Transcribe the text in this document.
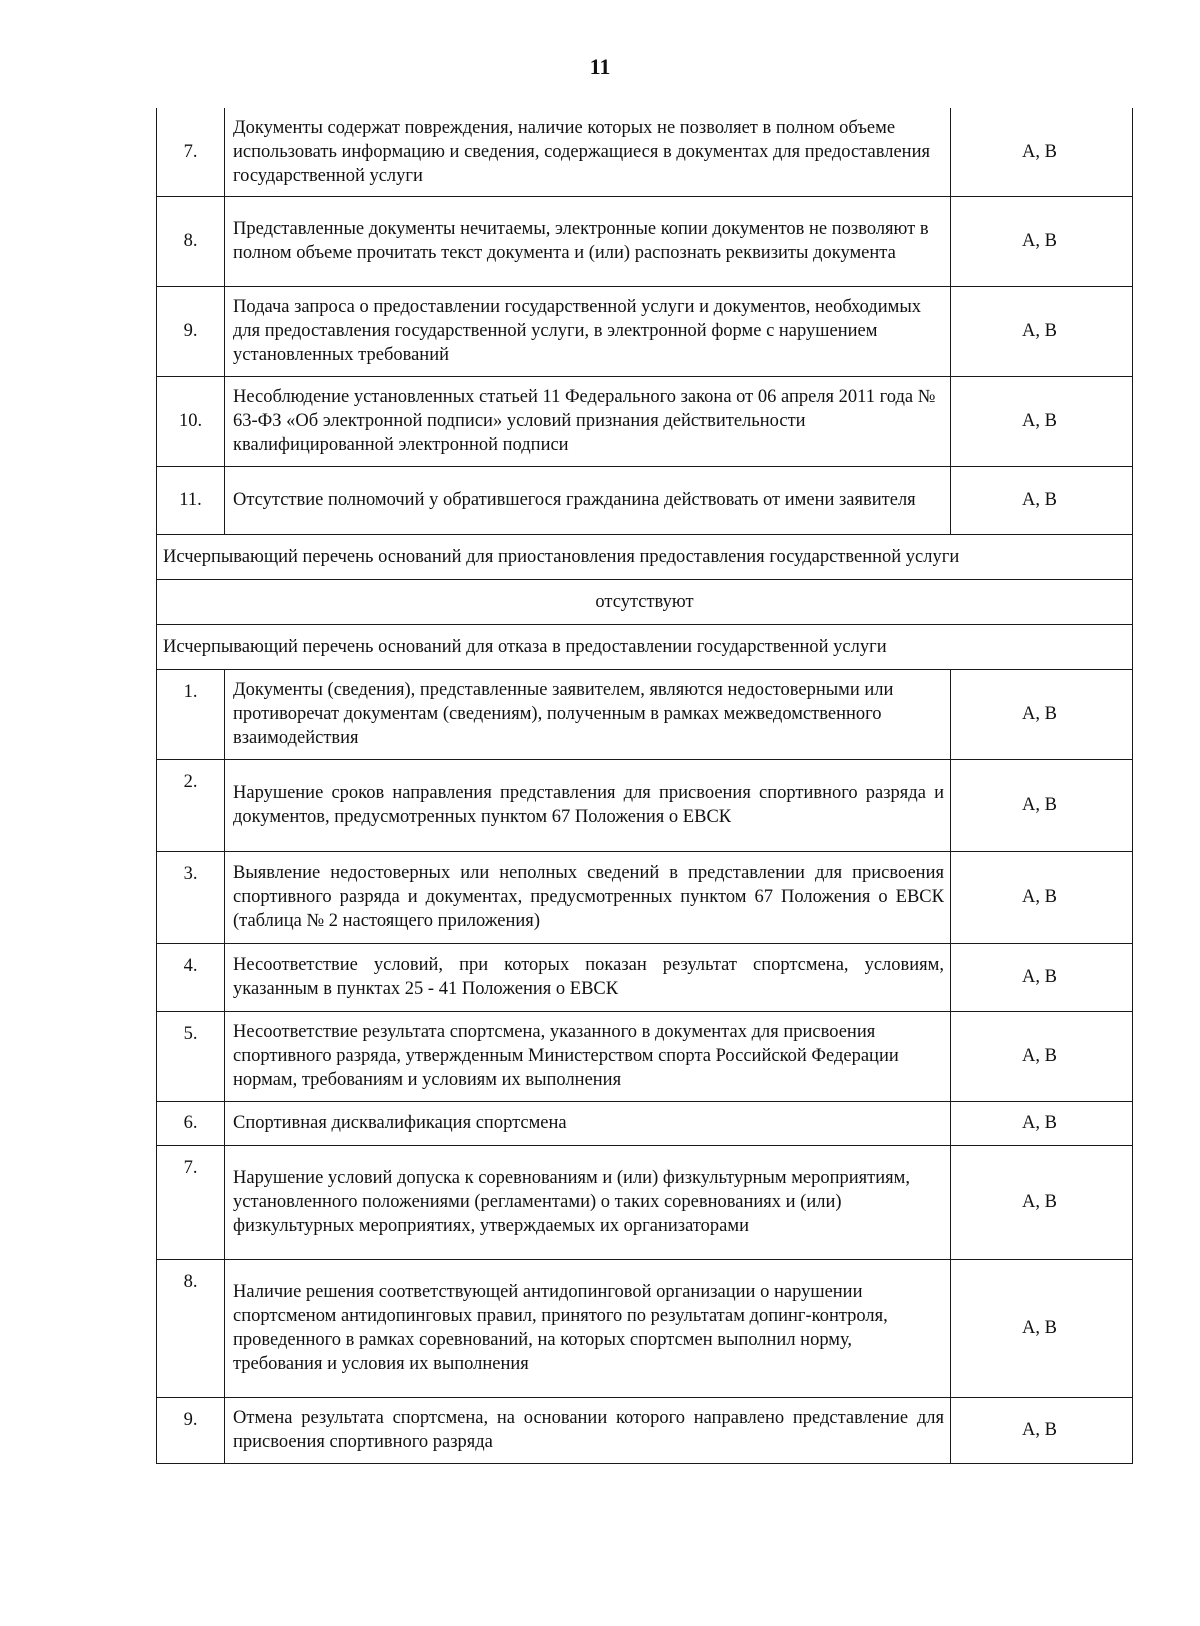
11
7.	Документы содержат повреждения, наличие которых не позволяет в полном объеме использовать информацию и сведения, содержащиеся в документах для предоставления государственной услуги	А, В
8.	Представленные документы нечитаемы, электронные копии документов не позволяют в полном объеме прочитать текст документа и (или) распознать реквизиты документа	А, В
9.	Подача запроса о предоставлении государственной услуги и документов, необходимых для предоставления государственной услуги, в электронной форме с нарушением установленных требований	А, В
10.	Несоблюдение установленных статьей 11 Федерального закона от 06 апреля 2011 года № 63-ФЗ «Об электронной подписи» условий признания действительности квалифицированной электронной подписи	А, В
11.	Отсутствие полномочий у обратившегося гражданина действовать от имени заявителя	А, В
Исчерпывающий перечень оснований для приостановления предоставления государственной услуги		
отсутствуют		
Исчерпывающий перечень оснований для отказа в предоставлении государственной услуги		
1.	Документы (сведения), представленные заявителем, являются недостоверными или противоречат документам (сведениям), полученным в рамках межведомственного взаимодействия	А, В
2.	Нарушение сроков направления представления для присвоения спортивного разряда и документов, предусмотренных пунктом 67 Положения о ЕВСК	А, В
3.	Выявление недостоверных или неполных сведений в представлении для присвоения спортивного разряда и документах, предусмотренных пунктом 67 Положения о ЕВСК (таблица № 2 настоящего приложения)	А, В
4.	Несоответствие условий, при которых показан результат спортсмена, условиям, указанным в пунктах 25 - 41 Положения о ЕВСК	А, В
5.	Несоответствие результата спортсмена, указанного в документах для присвоения спортивного разряда, утвержденным Министерством спорта Российской Федерации нормам, требованиям и условиям их выполнения	А, В
6.	Спортивная дисквалификация спортсмена	А, В
7.	Нарушение условий допуска к соревнованиям и (или) физкультурным мероприятиям, установленного положениями (регламентами) о таких соревнованиях и (или) физкультурных мероприятиях, утверждаемых их организаторами	А, В
8.	Наличие решения соответствующей антидопинговой организации о нарушении спортсменом антидопинговых правил, принятого по результатам допинг-контроля, проведенного в рамках соревнований, на которых спортсмен выполнил норму, требования и условия их выполнения	А, В
9.	Отмена результата спортсмена, на основании которого направлено представление для присвоения спортивного разряда	А, В
